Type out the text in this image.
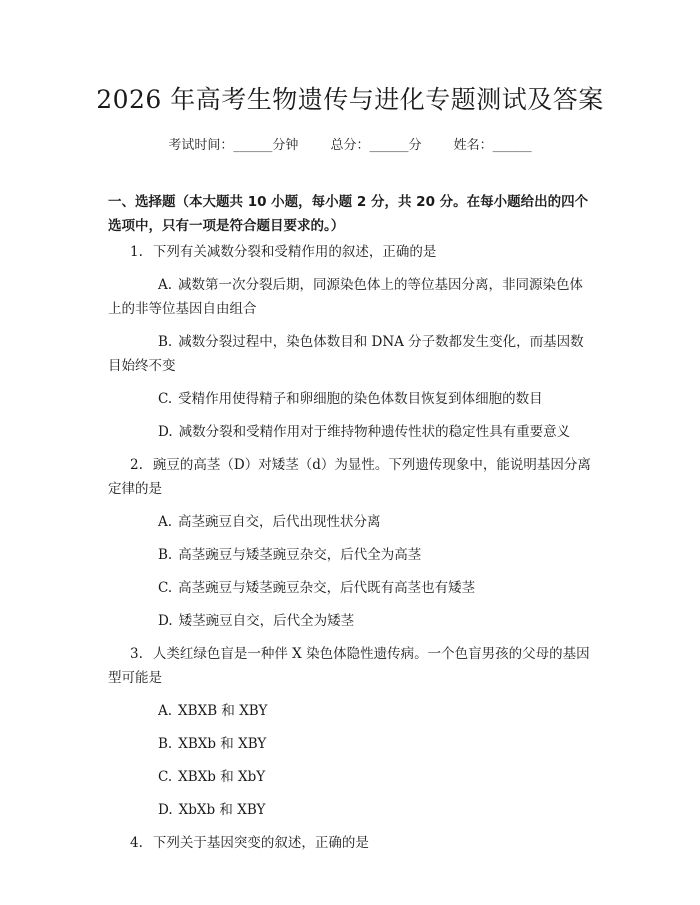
2026 年高考生物遗传与进化专题测试及答案
考试时间：______分钟 总分：______分 姓名：______
一、选择题（本大题共 10 小题，每小题 2 分，共 20 分。在每小题给出的四个选项中，只有一项是符合题目要求的。）
1. 下列有关减数分裂和受精作用的叙述，正确的是
A. 减数第一次分裂后期，同源染色体上的等位基因分离，非同源染色体上的非等位基因自由组合
B. 减数分裂过程中，染色体数目和 DNA 分子数都发生变化，而基因数目始终不变
C. 受精作用使得精子和卵细胞的染色体数目恢复到体细胞的数目
D. 减数分裂和受精作用对于维持物种遗传性状的稳定性具有重要意义
2. 豌豆的高茎（D）对矮茎（d）为显性。下列遗传现象中，能说明基因分离定律的是
A. 高茎豌豆自交，后代出现性状分离
B. 高茎豌豆与矮茎豌豆杂交，后代全为高茎
C. 高茎豌豆与矮茎豌豆杂交，后代既有高茎也有矮茎
D. 矮茎豌豆自交，后代全为矮茎
3. 人类红绿色盲是一种伴 X 染色体隐性遗传病。一个色盲男孩的父母的基因型可能是
A. XBXB 和 XBY
B. XBXb 和 XBY
C. XBXb 和 XbY
D. XbXb 和 XBY
4. 下列关于基因突变的叙述，正确的是
